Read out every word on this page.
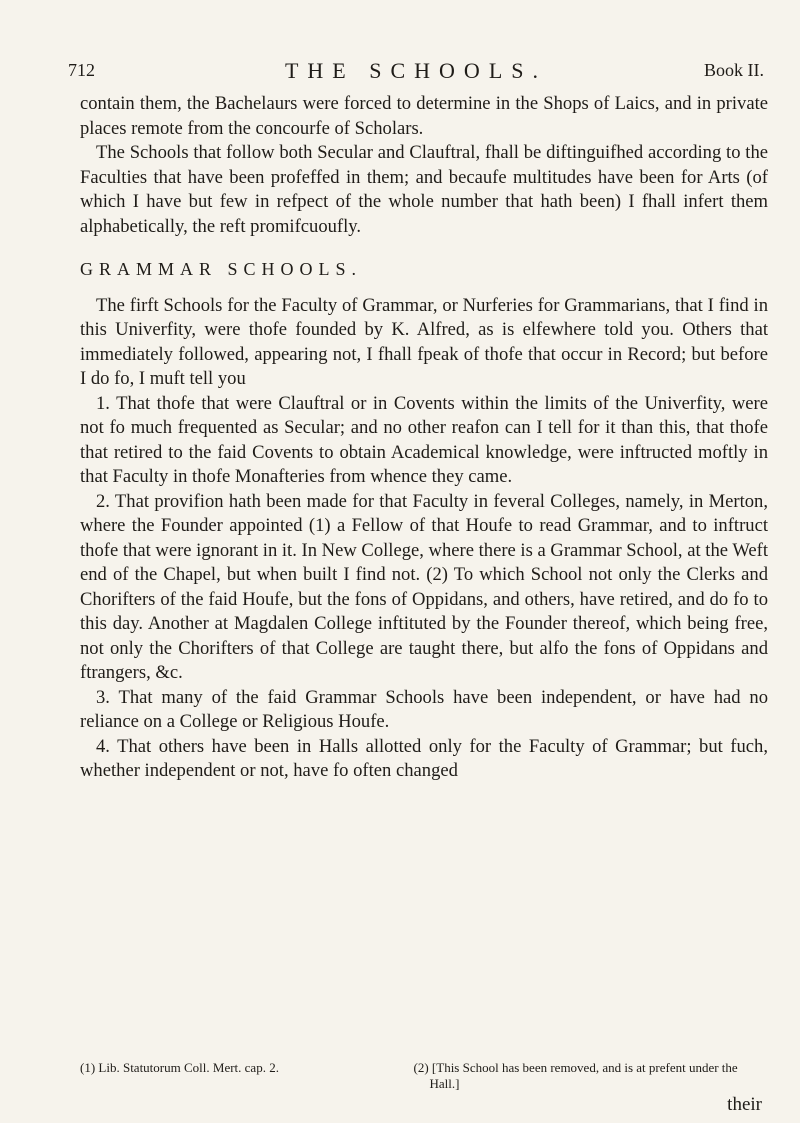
712	THE SCHOOLS.	Book II.

contain them, the Bachelaurs were forced to determine in the Shops of Laics, and in private places remote from the concourfe of Scholars.

The Schools that follow both Secular and Clauftral, fhall be diftinguifhed according to the Faculties that have been profeffed in them; and becaufe multitudes have been for Arts (of which I have but few in refpect of the whole number that hath been) I fhall infert them alphabetically, the reft promifcuoufly.

GRAMMAR SCHOOLS.

The firft Schools for the Faculty of Grammar, or Nurferies for Grammarians, that I find in this Univerfity, were thofe founded by K. Alfred, as is elfewhere told you. Others that immediately followed, appearing not, I fhall fpeak of thofe that occur in Record; but before I do fo, I muft tell you

1. That thofe that were Clauftral or in Covents within the limits of the Univerfity, were not fo much frequented as Secular; and no other reafon can I tell for it than this, that thofe that retired to the faid Covents to obtain Academical knowledge, were inftructed moftly in that Faculty in thofe Monafteries from whence they came.

2. That provifion hath been made for that Faculty in feveral Colleges, namely, in Merton, where the Founder appointed (1) a Fellow of that Houfe to read Grammar, and to inftruct thofe that were ignorant in it. In New College, where there is a Grammar School, at the Weft end of the Chapel, but when built I find not. (2) To which School not only the Clerks and Chorifters of the faid Houfe, but the fons of Oppidans, and others, have retired, and do fo to this day. Another at Magdalen College inftituted by the Founder thereof, which being free, not only the Chorifters of that College are taught there, but alfo the fons of Oppidans and ftrangers, &c.

3. That many of the faid Grammar Schools have been independent, or have had no reliance on a College or Religious Houfe.

4. That others have been in Halls allotted only for the Faculty of Grammar; but fuch, whether independent or not, have fo often changed

(1) Lib. Statutorum Coll. Mert. cap. 2.	(2) [This School has been removed, and is at prefent under the Hall.]
their
